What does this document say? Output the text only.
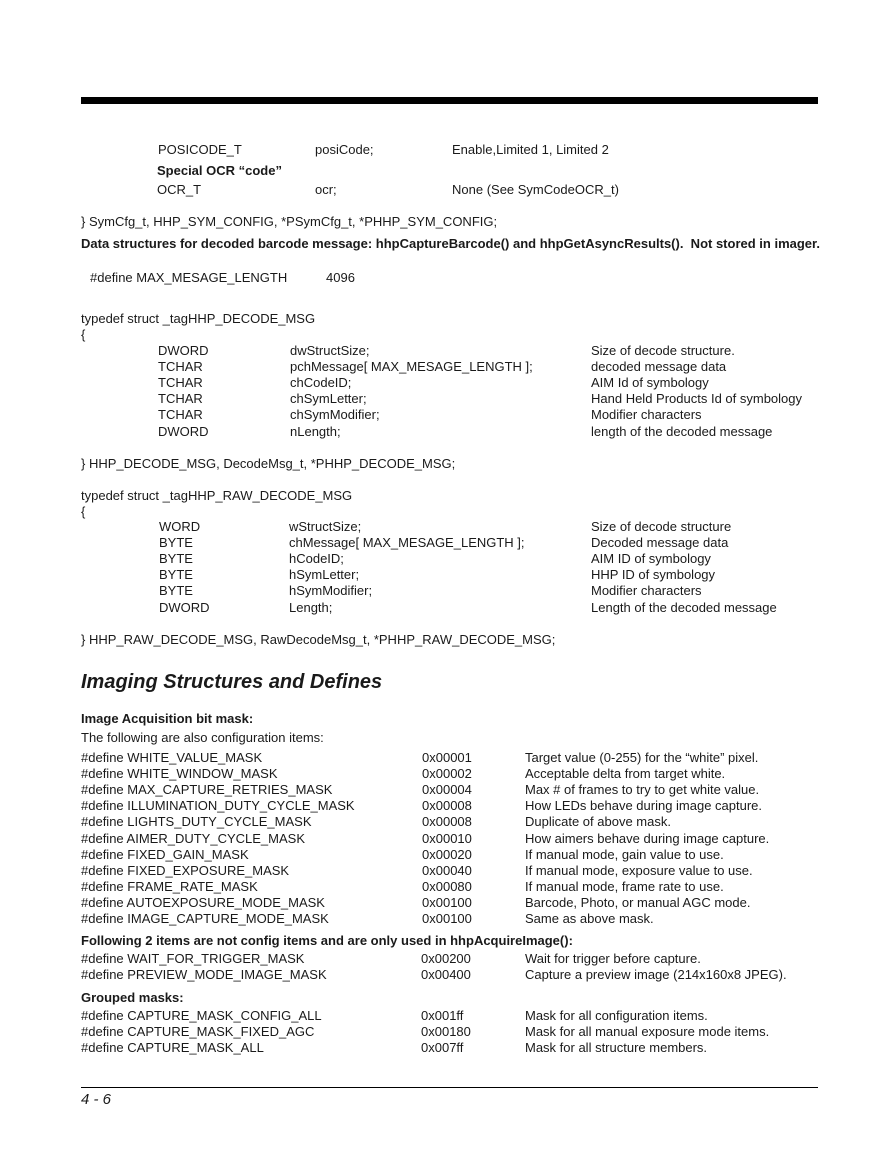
POSICODE_T	posiCode;	Enable,Limited 1, Limited 2
Special OCR “code”
OCR_T	ocr;	None (See SymCodeOCR_t)
} SymCfg_t, HHP_SYM_CONFIG, *PSymCfg_t, *PHHP_SYM_CONFIG;
Data structures for decoded barcode message: hhpCaptureBarcode() and hhpGetAsyncResults().  Not stored in imager.
#define MAX_MESAGE_LENGTH	4096
typedef struct _tagHHP_DECODE_MSG
{
DWORD	dwStructSize;	Size of decode structure.
TCHAR	pchMessage[ MAX_MESAGE_LENGTH ];	decoded message data
TCHAR	chCodeID;	AIM Id of symbology
TCHAR	chSymLetter;	Hand Held Products Id of symbology
TCHAR	chSymModifier;	Modifier characters
DWORD	nLength;	length of the decoded message
} HHP_DECODE_MSG, DecodeMsg_t, *PHHP_DECODE_MSG;
typedef struct _tagHHP_RAW_DECODE_MSG
{
WORD	wStructSize;	Size of decode structure
BYTE	chMessage[ MAX_MESAGE_LENGTH ];	Decoded message data
BYTE	hCodeID;	AIM ID of symbology
BYTE	hSymLetter;	HHP ID of symbology
BYTE	hSymModifier;	Modifier characters
DWORD	Length;	Length of the decoded message
} HHP_RAW_DECODE_MSG, RawDecodeMsg_t, *PHHP_RAW_DECODE_MSG;
Imaging Structures and Defines
Image Acquisition bit mask:
The following are also configuration items:
#define WHITE_VALUE_MASK	0x00001	Target value (0-255) for the “white” pixel.
#define WHITE_WINDOW_MASK	0x00002	Acceptable delta from target white.
#define MAX_CAPTURE_RETRIES_MASK	0x00004	Max # of frames to try to get white value.
#define ILLUMINATION_DUTY_CYCLE_MASK	0x00008	How LEDs behave during image capture.
#define LIGHTS_DUTY_CYCLE_MASK	0x00008	Duplicate of above mask.
#define AIMER_DUTY_CYCLE_MASK	0x00010	How aimers behave during image capture.
#define FIXED_GAIN_MASK	0x00020	If manual mode, gain value to use.
#define FIXED_EXPOSURE_MASK	0x00040	If manual mode, exposure value to use.
#define FRAME_RATE_MASK	0x00080	If manual mode, frame rate to use.
#define AUTOEXPOSURE_MODE_MASK	0x00100	Barcode, Photo, or manual AGC mode.
#define IMAGE_CAPTURE_MODE_MASK	0x00100	Same as above mask.
Following 2 items are not config items and are only used in hhpAcquireImage():
#define WAIT_FOR_TRIGGER_MASK	0x00200	Wait for trigger before capture.
#define PREVIEW_MODE_IMAGE_MASK	0x00400	Capture a preview image (214x160x8 JPEG).
Grouped masks:
#define CAPTURE_MASK_CONFIG_ALL	0x001ff	Mask for all configuration items.
#define CAPTURE_MASK_FIXED_AGC	0x00180	Mask for all manual exposure mode items.
#define CAPTURE_MASK_ALL	0x007ff	Mask for all structure members.
4 - 6
